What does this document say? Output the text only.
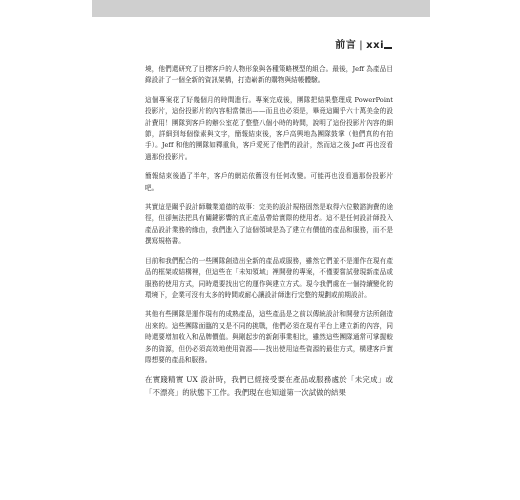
前言 | xxi

境，他們還研究了目標客戶的人物形象與各種策略模型的組合。最後，Jeff 為產品目錄設計了一個全新的資訊架構，打造嶄新的購物與結帳體驗。

這個專案花了好幾個月的時間進行。專案完成後，團隊把結果整理成 PowerPoint 投影片，這份投影片的內容相當傑出——而且也必須是，畢竟這關乎六十萬美金的設計費用！團隊到客戶的辦公室花了整整八個小時的時間，說明了這份投影片內容的細節，詳細到每個像素與文字，簡報結束後，客戶高興地為團隊鼓掌（他們真的有拍手）。Jeff 和他的團隊如釋重負，客戶愛死了他們的設計，然而這之後 Jeff 再也沒看過那份投影片。

簡報結束後過了半年，客戶的網站依舊沒有任何改變。可能再也沒看過那份投影片吧。

其實這是關乎設計師職業道德的故事：完美的設計規格固然是取得六位數諮詢費的途徑，但卻無法把具有關鍵影響的真正產品帶給實際的使用者。這不是任何設計師投入產品設計業務的緣由，我們進入了這個領域是為了建立有價值的產品和服務，而不是撰寫規格書。

目前和我們配合的一些團隊創造出全新的產品或服務，雖然它們並不是運作在現有產品的框架或結構裡，但這些在「未知領域」裡開發的專案，不僅要嘗試發現新產品或服務的使用方式，同時還要找出它的運作與建立方式。現今我們處在一個持續變化的環境下，企業可沒有太多的時間或耐心讓設計師進行完整的規劃或前期設計。

其他有些團隊是運作現有的成熟產品，這些產品是之前以傳統設計和開發方法所創造出來的。這些團隊面臨的又是不同的挑戰，他們必須在現有平台上建立新的內容，同時還要增加收入和品牌價值。與剛起步的新創事業相比，雖然這些團隊通常可掌握較多的資源，但仍必須高效地使用資源——找出使用這些資源的最佳方式，構建客戶實際想要的產品和服務。

在實踐精實 UX 設計時，我們已經接受要在產品或服務處於「未完成」或「不漂亮」的狀態下工作。我們現在也知道第一次試做的結果
